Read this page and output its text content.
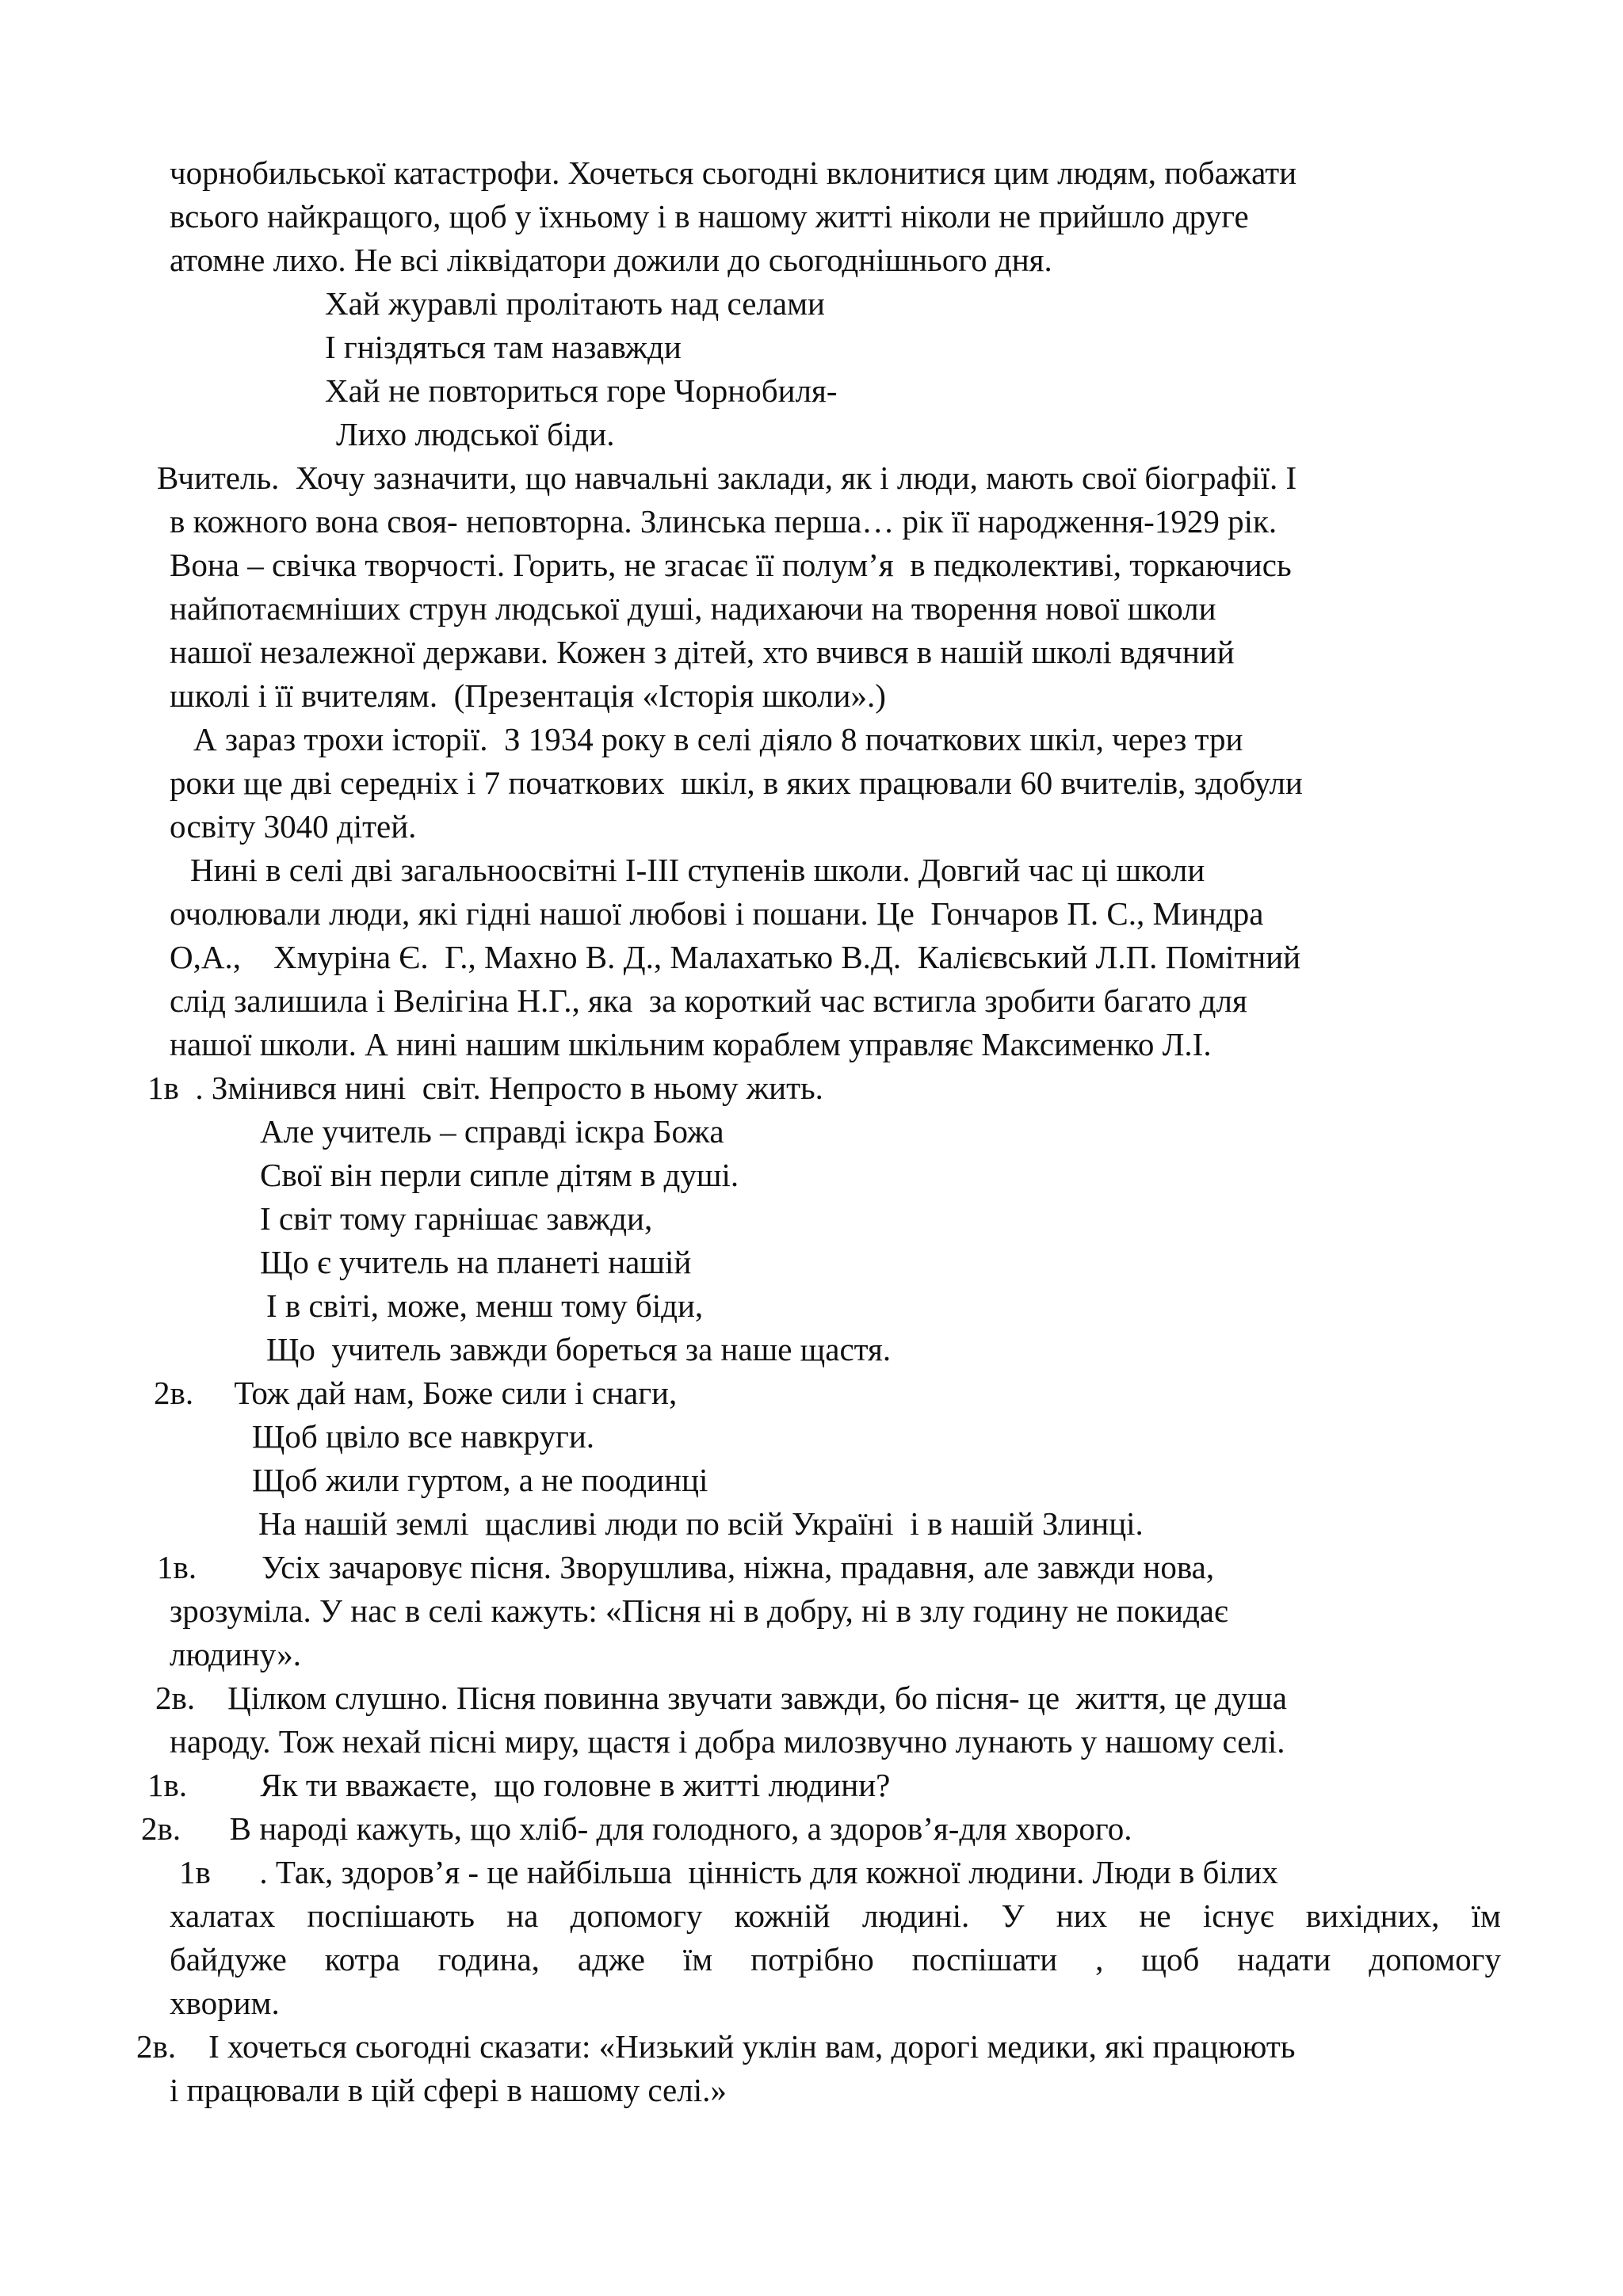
чорнобильської катастрофи. Хочеться сьогодні вклонитися цим людям, побажати
всього найкращого, щоб у їхньому і в нашому житті ніколи не прийшло друге
атомне лихо. Не всі ліквідатори дожили до сьогоднішнього дня.
Хай журавлі пролітають над селами
І гніздяться там назавжди
Хай не повториться горе Чорнобиля-
Лихо людської біди.
Вчитель.  Хочу зазначити, що навчальні заклади, як і люди, мають свої біографії. І
в кожного вона своя- неповторна. Злинська перша… рік її народження-1929 рік.
Вона – свічка творчості. Горить, не згасає її полум’я  в педколективі, торкаючись
найпотаємніших струн людської душі, надихаючи на творення нової школи
нашої незалежної держави. Кожен з дітей, хто вчився в нашій школі вдячний
школі і її вчителям.  (Презентація «Історія школи».)
А зараз трохи історії.  З 1934 року в селі діяло 8 початкових шкіл, через три
роки ще дві середніх і 7 початкових  шкіл, в яких працювали 60 вчителів, здобули
освіту 3040 дітей.
Нині в селі дві загальноосвітні І-ІІІ ступенів школи. Довгий час ці школи
очолювали люди, які гідні нашої любові і пошани. Це  Гончаров П. С., Миндра
О,А.,    Хмуріна Є.  Г., Махно В. Д., Малахатько В.Д.  Калієвський Л.П. Помітний
слід залишила і Велігіна Н.Г., яка  за короткий час встигла зробити багато для
нашої школи. А нині нашим шкільним кораблем управляє Максименко Л.І.
1в  . Змінився нині  світ. Непросто в ньому жить.
Але учитель – справді іскра Божа
Свої він перли сипле дітям в душі.
І світ тому гарнішає завжди,
Що є учитель на планеті нашій
І в світі, може, менш тому біди,
Що  учитель завжди бореться за наше щастя.
2в.     Тож дай нам, Боже сили і снаги,
Щоб цвіло все навкруги.
Щоб жили гуртом, а не поодинці
На нашій землі  щасливі люди по всій Україні  і в нашій Злинці.
1в.        Усіх зачаровує пісня. Зворушлива, ніжна, прадавня, але завжди нова,
зрозуміла. У нас в селі кажуть: «Пісня ні в добру, ні в злу годину не покидає
людину».
2в.    Цілком слушно. Пісня повинна звучати завжди, бо пісня- це  життя, це душа
народу. Тож нехай пісні миру, щастя і добра милозвучно лунають у нашому селі.
1в.         Як ти вважаєте,  що головне в житті людини?
2в.      В народі кажуть, що хліб- для голодного, а здоров’я-для хворого.
1в      . Так, здоров’я - це найбільша  цінність для кожної людини. Люди в білих
халатах поспішають на допомогу кожній людині. У них не існує вихідних, їм
байдуже котра година, адже їм потрібно поспішати , щоб надати допомогу
хворим.
2в.    І хочеться сьогодні сказати: «Низький уклін вам, дорогі медики, які працюють
і працювали в цій сфері в нашому селі.»
